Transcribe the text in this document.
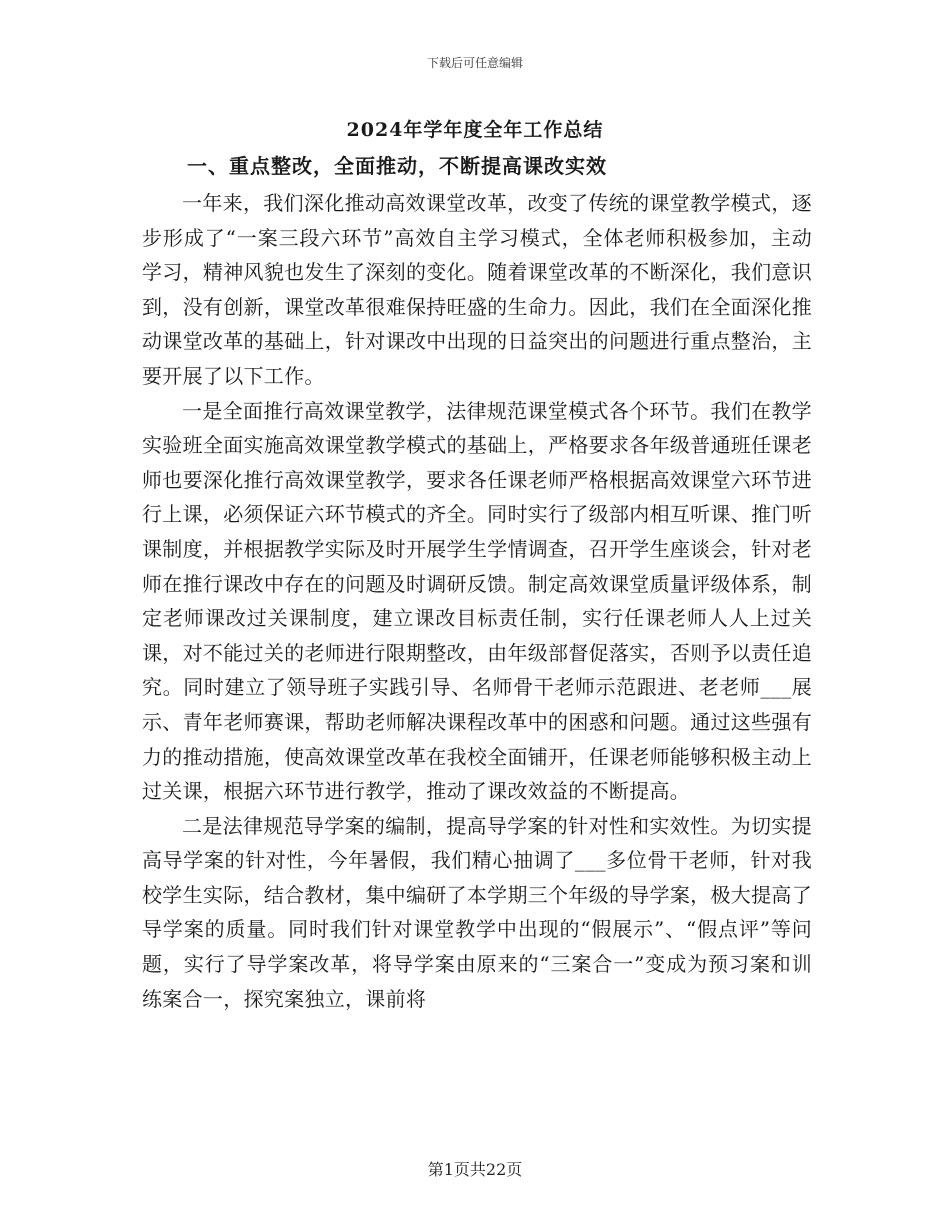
下载后可任意编辑
2024年学年度全年工作总结
一、重点整改，全面推动，不断提高课改实效

一年来，我们深化推动高效课堂改革，改变了传统的课堂教学模式，逐步形成了“一案三段六环节”高效自主学习模式，全体老师积极参加，主动学习，精神风貌也发生了深刻的变化。随着课堂改革的不断深化，我们意识到，没有创新，课堂改革很难保持旺盛的生命力。因此，我们在全面深化推动课堂改革的基础上，针对课改中出现的日益突出的问题进行重点整治，主要开展了以下工作。

一是全面推行高效课堂教学，法律规范课堂模式各个环节。我们在教学实验班全面实施高效课堂教学模式的基础上，严格要求各年级普通班任课老师也要深化推行高效课堂教学，要求各任课老师严格根据高效课堂六环节进行上课，必须保证六环节模式的齐全。同时实行了级部内相互听课、推门听课制度，并根据教学实际及时开展学生学情调查，召开学生座谈会，针对老师在推行课改中存在的问题及时调研反馈。制定高效课堂质量评级体系，制定老师课改过关课制度，建立课改目标责任制，实行任课老师人人上过关课，对不能过关的老师进行限期整改，由年级部督促落实，否则予以责任追究。同时建立了领导班子实践引导、名师骨干老师示范跟进、老老师___展示、青年老师赛课，帮助老师解决课程改革中的困惑和问题。通过这些强有力的推动措施，使高效课堂改革在我校全面铺开，任课老师能够积极主动上过关课，根据六环节进行教学，推动了课改效益的不断提高。

二是法律规范导学案的编制，提高导学案的针对性和实效性。为切实提高导学案的针对性，今年暑假，我们精心抽调了___多位骨干老师，针对我校学生实际，结合教材，集中编研了本学期三个年级的导学案，极大提高了导学案的质量。同时我们针对课堂教学中出现的“假展示”、“假点评”等问题，实行了导学案改革，将导学案由原来的“三案合一”变成为预习案和训练案合一，探究案独立，课前将

第1页共22页
